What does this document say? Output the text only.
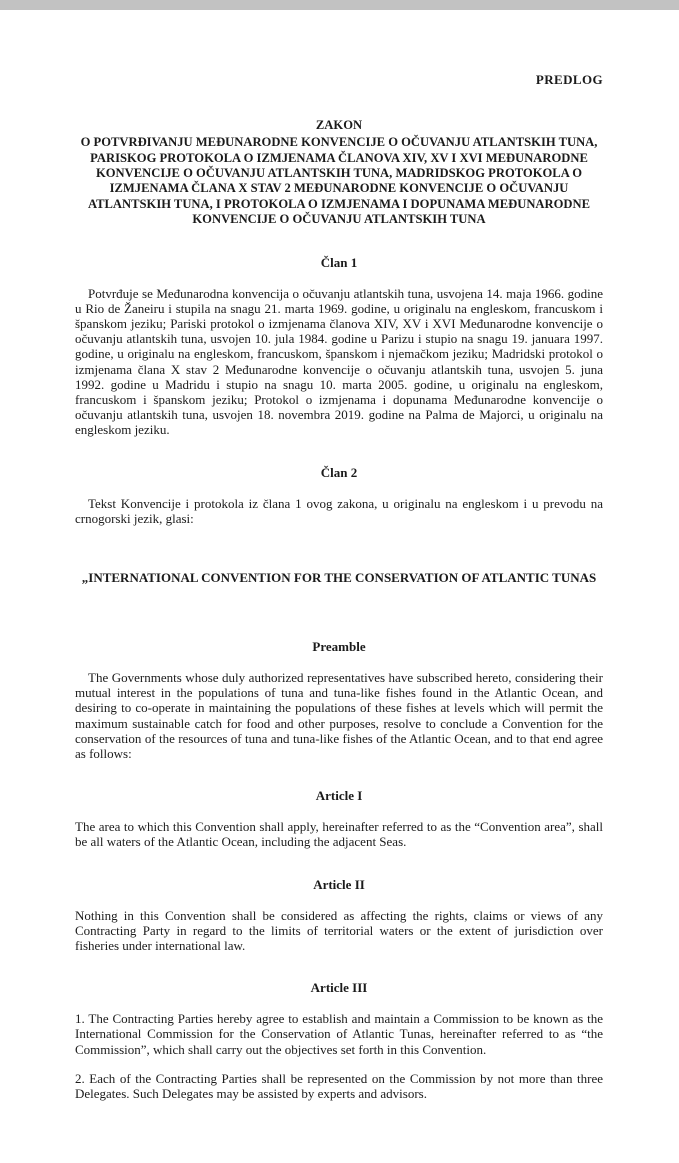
PREDLOG
ZAKON
O POTVRĐIVANJU MEĐUNARODNE KONVENCIJE O OČUVANJU ATLANTSKIH TUNA, PARISKOG PROTOKOLA O IZMJENAMA ČLANOVA XIV, XV I XVI MEĐUNARODNE KONVENCIJE O OČUVANJU ATLANTSKIH TUNA, MADRIDSKOG PROTOKOLA O IZMJENAMA ČLANA X STAV 2 MEĐUNARODNE KONVENCIJE O OČUVANJU ATLANTSKIH TUNA, I PROTOKOLA O IZMJENAMA I DOPUNAMA MEĐUNARODNE KONVENCIJE O OČUVANJU ATLANTSKIH TUNA
Član 1

Potvrđuje se Međunarodna konvencija o očuvanju atlantskih tuna, usvojena 14. maja 1966. godine u Rio de Žaneiru i stupila na snagu 21. marta 1969. godine, u originalu na engleskom, francuskom i španskom jeziku; Pariski protokol o izmjenama članova XIV, XV i XVI Međunarodne konvencije o očuvanju atlantskih tuna, usvojen 10. jula 1984. godine u Parizu i stupio na snagu 19. januara 1997. godine, u originalu na engleskom, francuskom, španskom i njemačkom jeziku; Madridski protokol o izmjenama člana X stav 2 Međunarodne konvencije o očuvanju atlantskih tuna, usvojen 5. juna 1992. godine u Madridu i stupio na snagu 10. marta 2005. godine, u originalu na engleskom, francuskom i španskom jeziku; Protokol o izmjenama i dopunama Međunarodne konvencije o očuvanju atlantskih tuna, usvojen 18. novembra 2019. godine na Palma de Majorci, u originalu na engleskom jeziku.

Član 2

Tekst Konvencije i protokola iz člana 1 ovog zakona, u originalu na engleskom i u prevodu na crnogorski jezik, glasi:

„INTERNATIONAL CONVENTION FOR THE CONSERVATION OF ATLANTIC TUNAS
Preamble

The Governments whose duly authorized representatives have subscribed hereto, considering their mutual interest in the populations of tuna and tuna-like fishes found in the Atlantic Ocean, and desiring to co-operate in maintaining the populations of these fishes at levels which will permit the maximum sustainable catch for food and other purposes, resolve to conclude a Convention for the conservation of the resources of tuna and tuna-like fishes of the Atlantic Ocean, and to that end agree as follows:

Article I

The area to which this Convention shall apply, hereinafter referred to as the “Convention area”, shall be all waters of the Atlantic Ocean, including the adjacent Seas.

Article II

Nothing in this Convention shall be considered as affecting the rights, claims or views of any Contracting Party in regard to the limits of territorial waters or the extent of jurisdiction over fisheries under international law.

Article III

1. The Contracting Parties hereby agree to establish and maintain a Commission to be known as the International Commission for the Conservation of Atlantic Tunas, hereinafter referred to as “the Commission”, which shall carry out the objectives set forth in this Convention.

2. Each of the Contracting Parties shall be represented on the Commission by not more than three Delegates. Such Delegates may be assisted by experts and advisors.
